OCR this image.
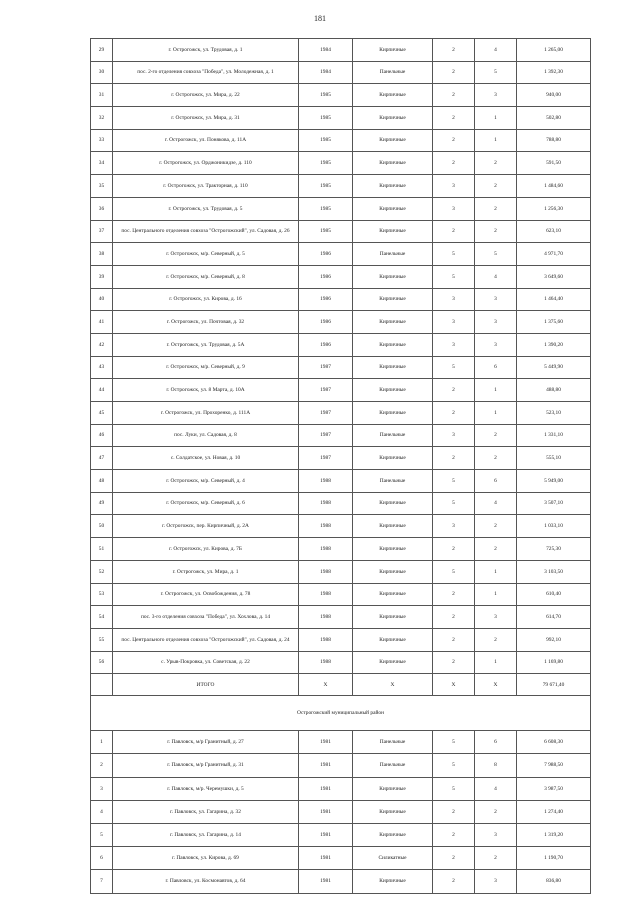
181
29	г. Острогожск, ул. Трудовая, д. 1	1984	Кирпичные	2	4	1 265,00
30	пос. 2-го отделения совхоза "Победа", ул. Молодежная, д. 1	1984	Панельные	2	5	1 392,30
31	г. Острогожск, ул. Мира, д. 22	1985	Кирпичные	2	3	940,00
32	г. Острогожск, ул. Мира, д. 31	1985	Кирпичные	2	1	502,80
33	г. Острогожск, ул. Понякова, д. 11А	1985	Кирпичные	2	1	788,80
34	г. Острогожск, ул. Орджоникидзе, д. 110	1985	Кирпичные	2	2	591,50
35	г. Острогожск, ул. Тракторная, д. 110	1985	Кирпичные	3	2	1 484,60
36	г. Острогожск, ул. Трудовая, д. 5	1985	Кирпичные	3	2	1 256,30
37	пос. Центрального отделения совхоза "Острогожский", ул. Садовая, д. 26	1985	Кирпичные	2	2	623,10
38	г. Острогожск, м/р. Северный, д. 5	1986	Панельные	5	5	4 971,70
39	г. Острогожск, м/р. Северный, д. 8	1986	Кирпичные	5	4	3 649,60
40	г. Острогожск, ул. Кирова, д. 16	1986	Кирпичные	3	3	1 464,40
41	г. Острогожск, ул. Почтовая, д. 32	1986	Кирпичные	3	3	1 375,60
42	г. Острогожск, ул. Трудовая, д. 5А	1986	Кирпичные	3	3	1 390,20
43	г. Острогожск, м/р. Северный, д. 9	1987	Кирпичные	5	6	5 449,90
44	г. Острогожск, ул. 8 Марта, д. 10А	1987	Кирпичные	2	1	488,80
45	г. Острогожск, ул. Прохоренко, д. 111А	1987	Кирпичные	2	1	523,10
46	пос. Луки, ул. Садовая, д. 8	1987	Панельные	3	2	1 331,10
47	с. Солдатское, ул. Новая, д. 10	1987	Кирпичные	2	2	555,10
48	г. Острогожск, м/р. Северный, д. 4	1988	Панельные	5	6	5 949,00
49	г. Острогожск, м/р. Северный, д. 6	1988	Кирпичные	5	4	3 507,10
50	г. Острогожск, пер. Кирпичный, д. 2А	1988	Кирпичные	3	2	1 033,10
51	г. Острогожск, ул. Кирова, д. 7Б	1988	Кирпичные	2	2	725,30
52	г. Острогожск, ул. Мира, д. 1	1988	Кирпичные	5	1	3 103,50
53	г. Острогожск, ул. Освобождения, д. 78	1988	Кирпичные	2	1	610,40
54	пос. 3-го отделения совхоза "Победа", ул. Хохлова, д. 14	1988	Кирпичные	2	3	614,70
55	пос. Центрального отделения совхоза "Острогожский", ул. Садовая, д. 24	1988	Кирпичные	2	2	992,10
56	с. Урыв-Покровка, ул. Советская, д. 22	1988	Кирпичные	2	1	1 169,80
	ИТОГО	Х	Х	Х	Х	79 671,40
Острогожский муниципальный район						
1	г. Павловск, м/р Гранитный, д. 27	1981	Панельные	5	6	6 608,30
2	г. Павловск, м/р Гранитный, д. 31	1981	Панельные	5	8	7 988,50
3	г. Павловск, м/р. Черемушки, д. 5	1981	Кирпичные	5	4	3 987,50
4	г. Павловск, ул. Гагарина, д. 32	1981	Кирпичные	2	2	1 274,40
5	г. Павловск, ул. Гагарина, д. 14	1981	Кирпичные	2	3	1 319,20
6	г. Павловск, ул. Кирова, д. 69	1981	Силикатные	2	2	1 190,70
7	г. Павловск, ул. Космонавтов, д. 64	1981	Кирпичные	2	3	836,80
